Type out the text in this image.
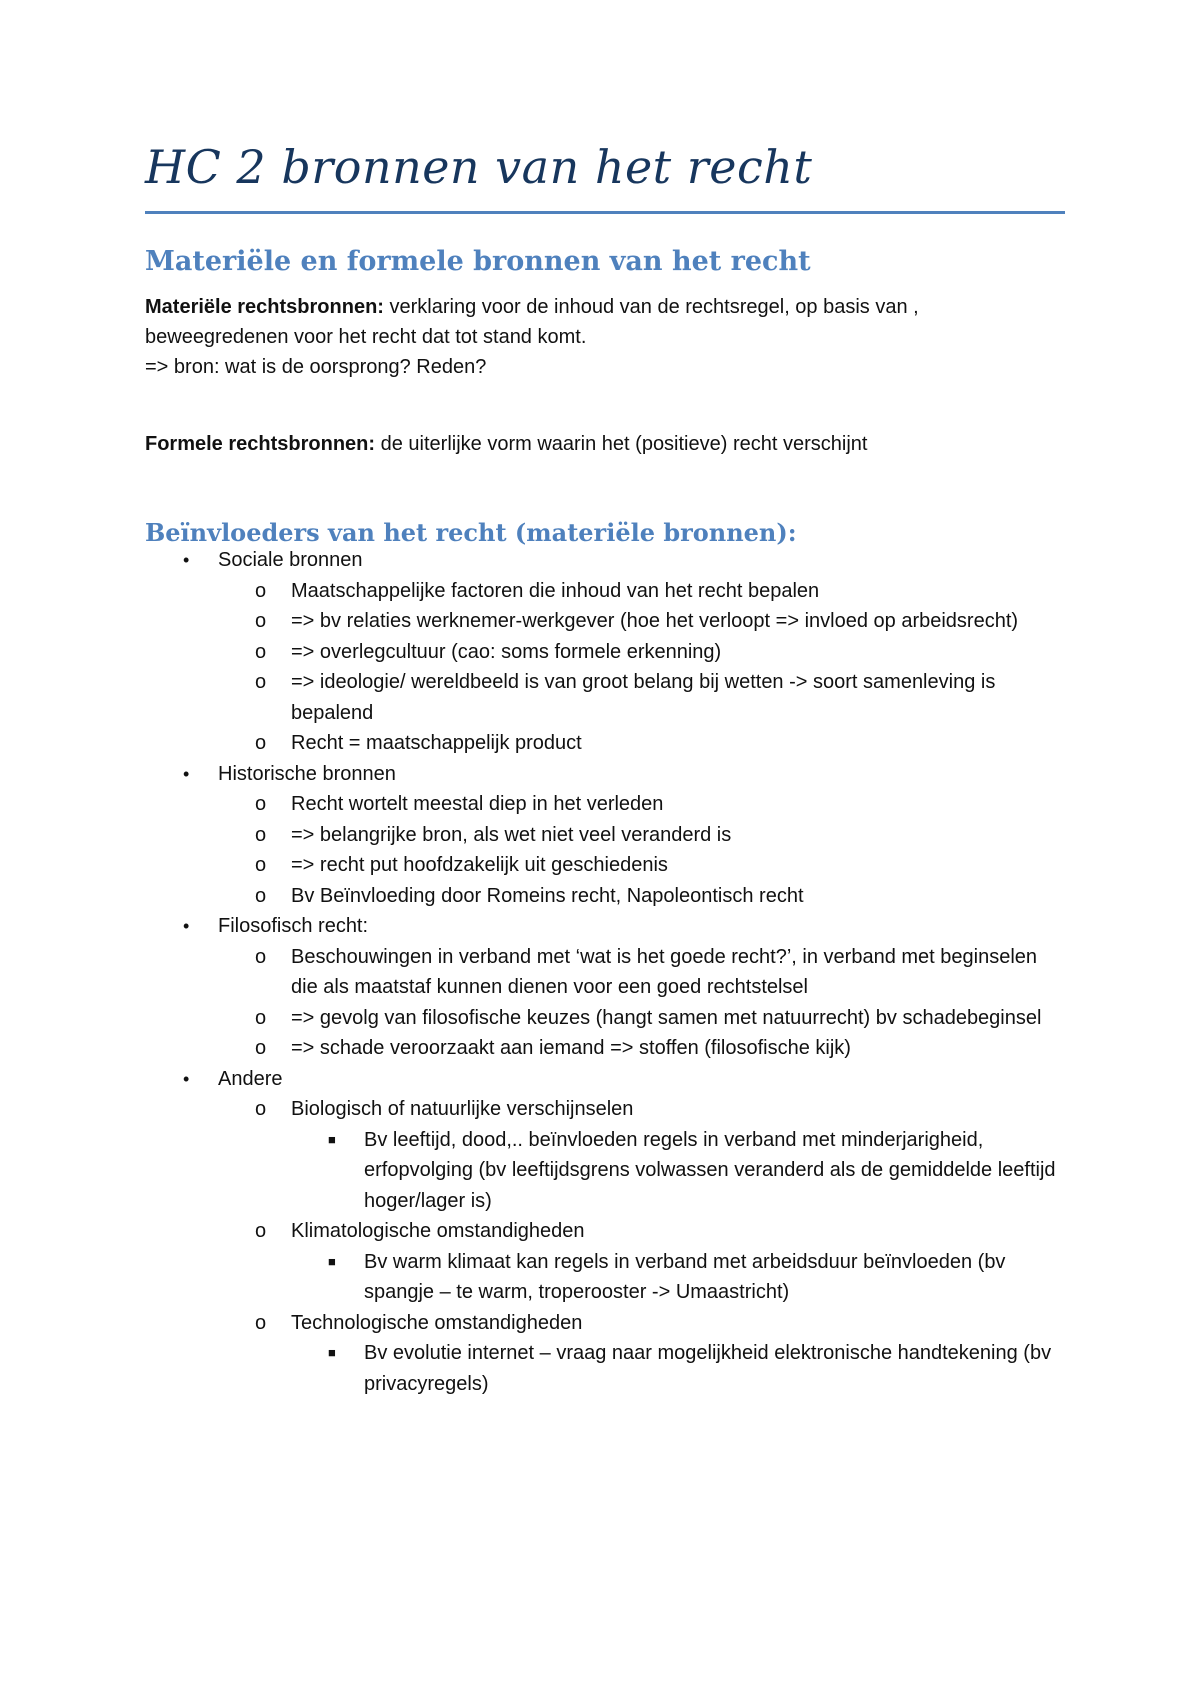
HC 2 bronnen van het recht
Materiële en formele bronnen van het recht
Materiële rechtsbronnen: verklaring voor de inhoud van de rechtsregel, op basis van , beweegredenen voor het recht dat tot stand komt.
=> bron: wat is de oorsprong? Reden?
Formele rechtsbronnen: de uiterlijke vorm waarin het (positieve) recht verschijnt
Beïnvloeders van het recht (materiële bronnen):
•	Sociale bronnen
o	Maatschappelijke factoren die inhoud van het recht bepalen
o	=> bv relaties werknemer-werkgever (hoe het verloopt => invloed op arbeidsrecht)
o	=> overlegcultuur (cao: soms formele erkenning)
o	=> ideologie/ wereldbeeld is van groot belang bij wetten -> soort samenleving is bepalend
o	Recht = maatschappelijk product
•	Historische bronnen
o	Recht wortelt meestal diep in het verleden
o	=> belangrijke bron, als wet niet veel veranderd is
o	=> recht put hoofdzakelijk uit geschiedenis
o	Bv Beïnvloeding door Romeins recht, Napoleontisch recht
•	Filosofisch recht:
o	Beschouwingen in verband met ‘wat is het goede recht?’, in verband met beginselen die als maatstaf kunnen dienen voor een goed rechtstelsel
o	=> gevolg van filosofische keuzes (hangt samen met natuurrecht) bv schadebeginsel
o	=> schade veroorzaakt aan iemand => stoffen (filosofische kijk)
•	Andere
o	Biologisch of natuurlijke verschijnselen
■	Bv leeftijd, dood,.. beïnvloeden regels in verband met minderjarigheid, erfopvolging (bv leeftijdsgrens volwassen veranderd als de gemiddelde leeftijd hoger/lager is)
o	Klimatologische omstandigheden
■	Bv warm klimaat kan regels in verband met arbeidsduur beïnvloeden (bv spangje – te warm, troperooster -> Umaastricht)
o	Technologische omstandigheden
■	Bv evolutie internet – vraag naar mogelijkheid elektronische handtekening (bv privacyregels)
